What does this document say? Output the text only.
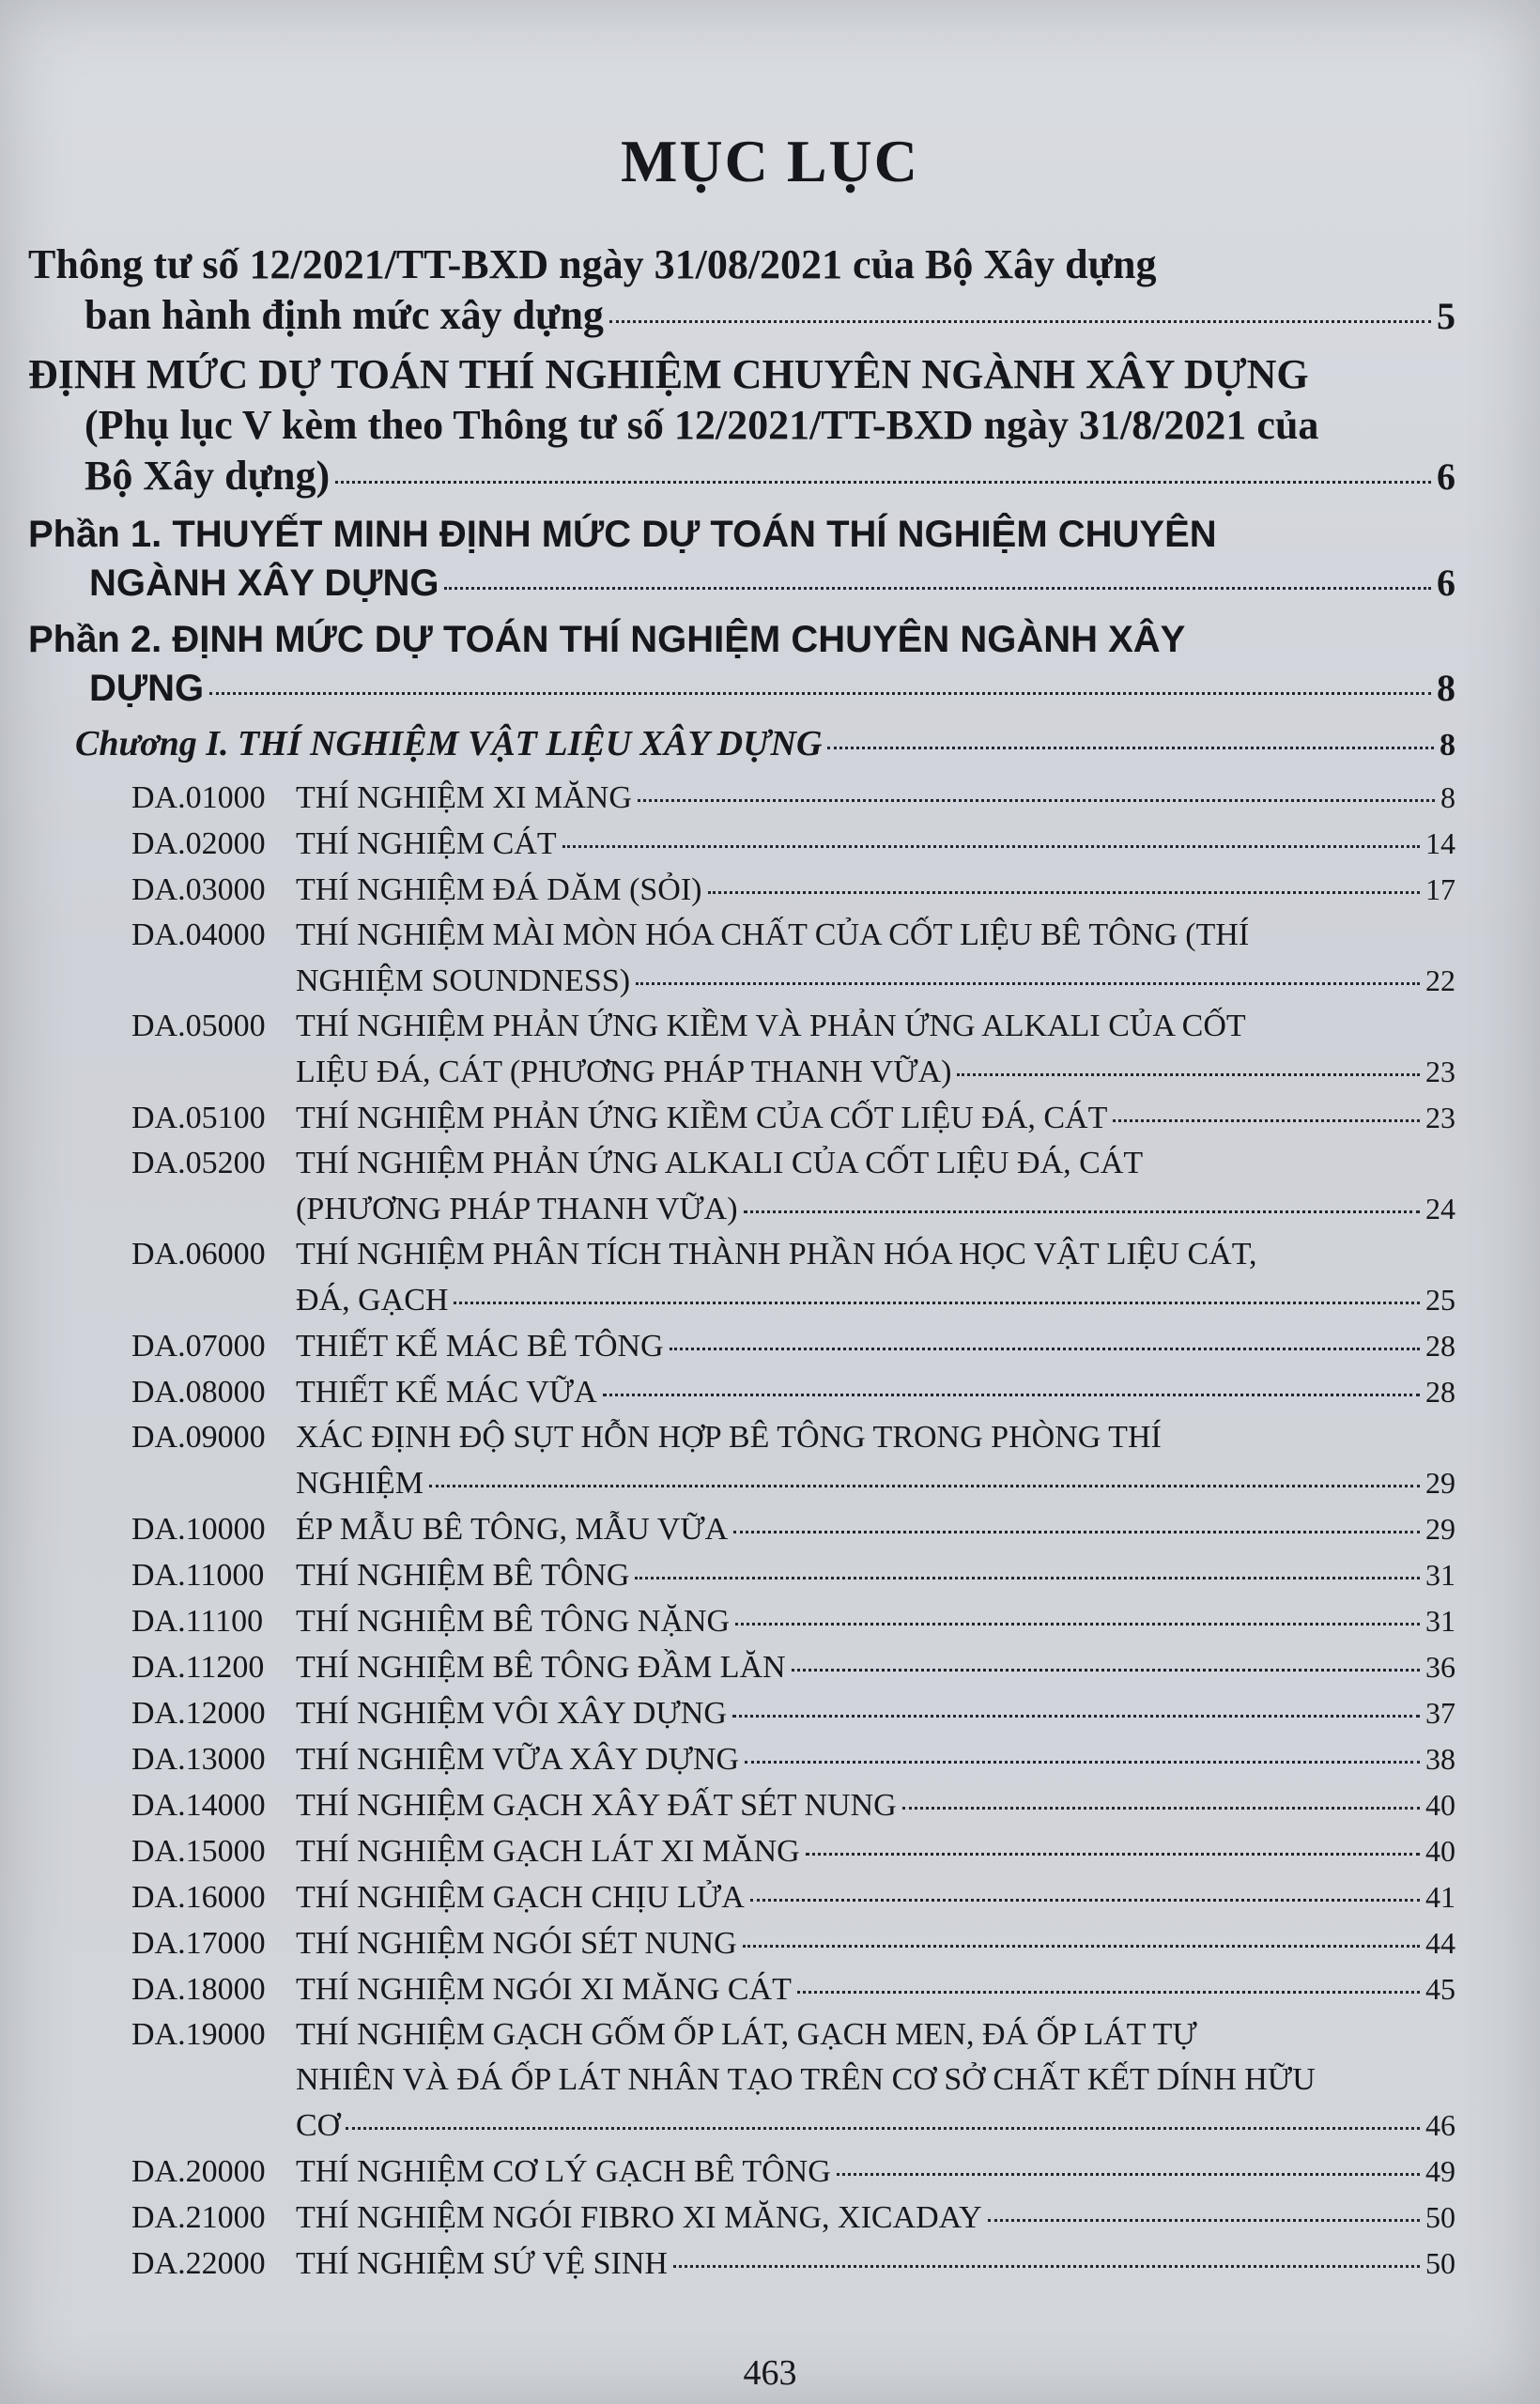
MỤC LỤC
Thông tư số 12/2021/TT-BXD ngày 31/08/2021 của Bộ Xây dựng
ban hành định mức xây dựng	5
ĐỊNH MỨC DỰ TOÁN THÍ NGHIỆM CHUYÊN NGÀNH XÂY DỰNG
(Phụ lục V kèm theo Thông tư số 12/2021/TT-BXD ngày 31/8/2021 của
Bộ Xây dựng)	6
Phần 1. THUYẾT MINH ĐỊNH MỨC DỰ TOÁN THÍ NGHIỆM CHUYÊN
NGÀNH XÂY DỰNG	6
Phần 2. ĐỊNH MỨC DỰ TOÁN THÍ NGHIỆM CHUYÊN NGÀNH XÂY
DỰNG	8
Chương I. THÍ NGHIỆM VẬT LIỆU XÂY DỰNG	8
DA.01000 THÍ NGHIỆM XI MĂNG	8
DA.02000 THÍ NGHIỆM CÁT	14
DA.03000 THÍ NGHIỆM ĐÁ DĂM (SỎI)	17
DA.04000 THÍ NGHIỆM MÀI MÒN HÓA CHẤT CỦA CỐT LIỆU BÊ TÔNG (THÍ
NGHIỆM SOUNDNESS)	22
DA.05000 THÍ NGHIỆM PHẢN ỨNG KIỀM VÀ PHẢN ỨNG ALKALI CỦA CỐT
LIỆU ĐÁ, CÁT (PHƯƠNG PHÁP THANH VỮA)	23
DA.05100 THÍ NGHIỆM PHẢN ỨNG KIỀM CỦA CỐT LIỆU ĐÁ, CÁT	23
DA.05200 THÍ NGHIỆM PHẢN ỨNG ALKALI CỦA CỐT LIỆU ĐÁ, CÁT
(PHƯƠNG PHÁP THANH VỮA)	24
DA.06000 THÍ NGHIỆM PHÂN TÍCH THÀNH PHẦN HÓA HỌC VẬT LIỆU CÁT,
ĐÁ, GẠCH	25
DA.07000 THIẾT KẾ MÁC BÊ TÔNG	28
DA.08000 THIẾT KẾ MÁC VỮA	28
DA.09000 XÁC ĐỊNH ĐỘ SỤT HỖN HỢP BÊ TÔNG TRONG PHÒNG THÍ
NGHIỆM	29
DA.10000 ÉP MẪU BÊ TÔNG, MẪU VỮA	29
DA.11000 THÍ NGHIỆM BÊ TÔNG	31
DA.11100	THÍ NGHIỆM BÊ TÔNG NẶNG	31
DA.11200 THÍ NGHIỆM BÊ TÔNG ĐẦM LĂN	36
DA.12000 THÍ NGHIỆM VÔI XÂY DỰNG	37
DA.13000 THÍ NGHIỆM VỮA XÂY DỰNG	38
DA.14000 THÍ NGHIỆM GẠCH XÂY ĐẤT SÉT NUNG	40
DA.15000 THÍ NGHIỆM GẠCH LÁT XI MĂNG	40
DA.16000 THÍ NGHIỆM GẠCH CHỊU LỬA	41
DA.17000 THÍ NGHIỆM NGÓI SÉT NUNG	44
DA.18000 THÍ NGHIỆM NGÓI XI MĂNG CÁT	45
DA.19000 THÍ NGHIỆM GẠCH GỐM ỐP LÁT, GẠCH MEN, ĐÁ ỐP LÁT TỰ
NHIÊN VÀ ĐÁ ỐP LÁT NHÂN TẠO TRÊN CƠ SỞ CHẤT KẾT DÍNH HỮU
CƠ	46
DA.20000 THÍ NGHIỆM CƠ LÝ GẠCH BÊ TÔNG	49
DA.21000 THÍ NGHIỆM NGÓI FIBRO XI MĂNG, XICADAY	50
DA.22000 THÍ NGHIỆM SỨ VỆ SINH	50
463
